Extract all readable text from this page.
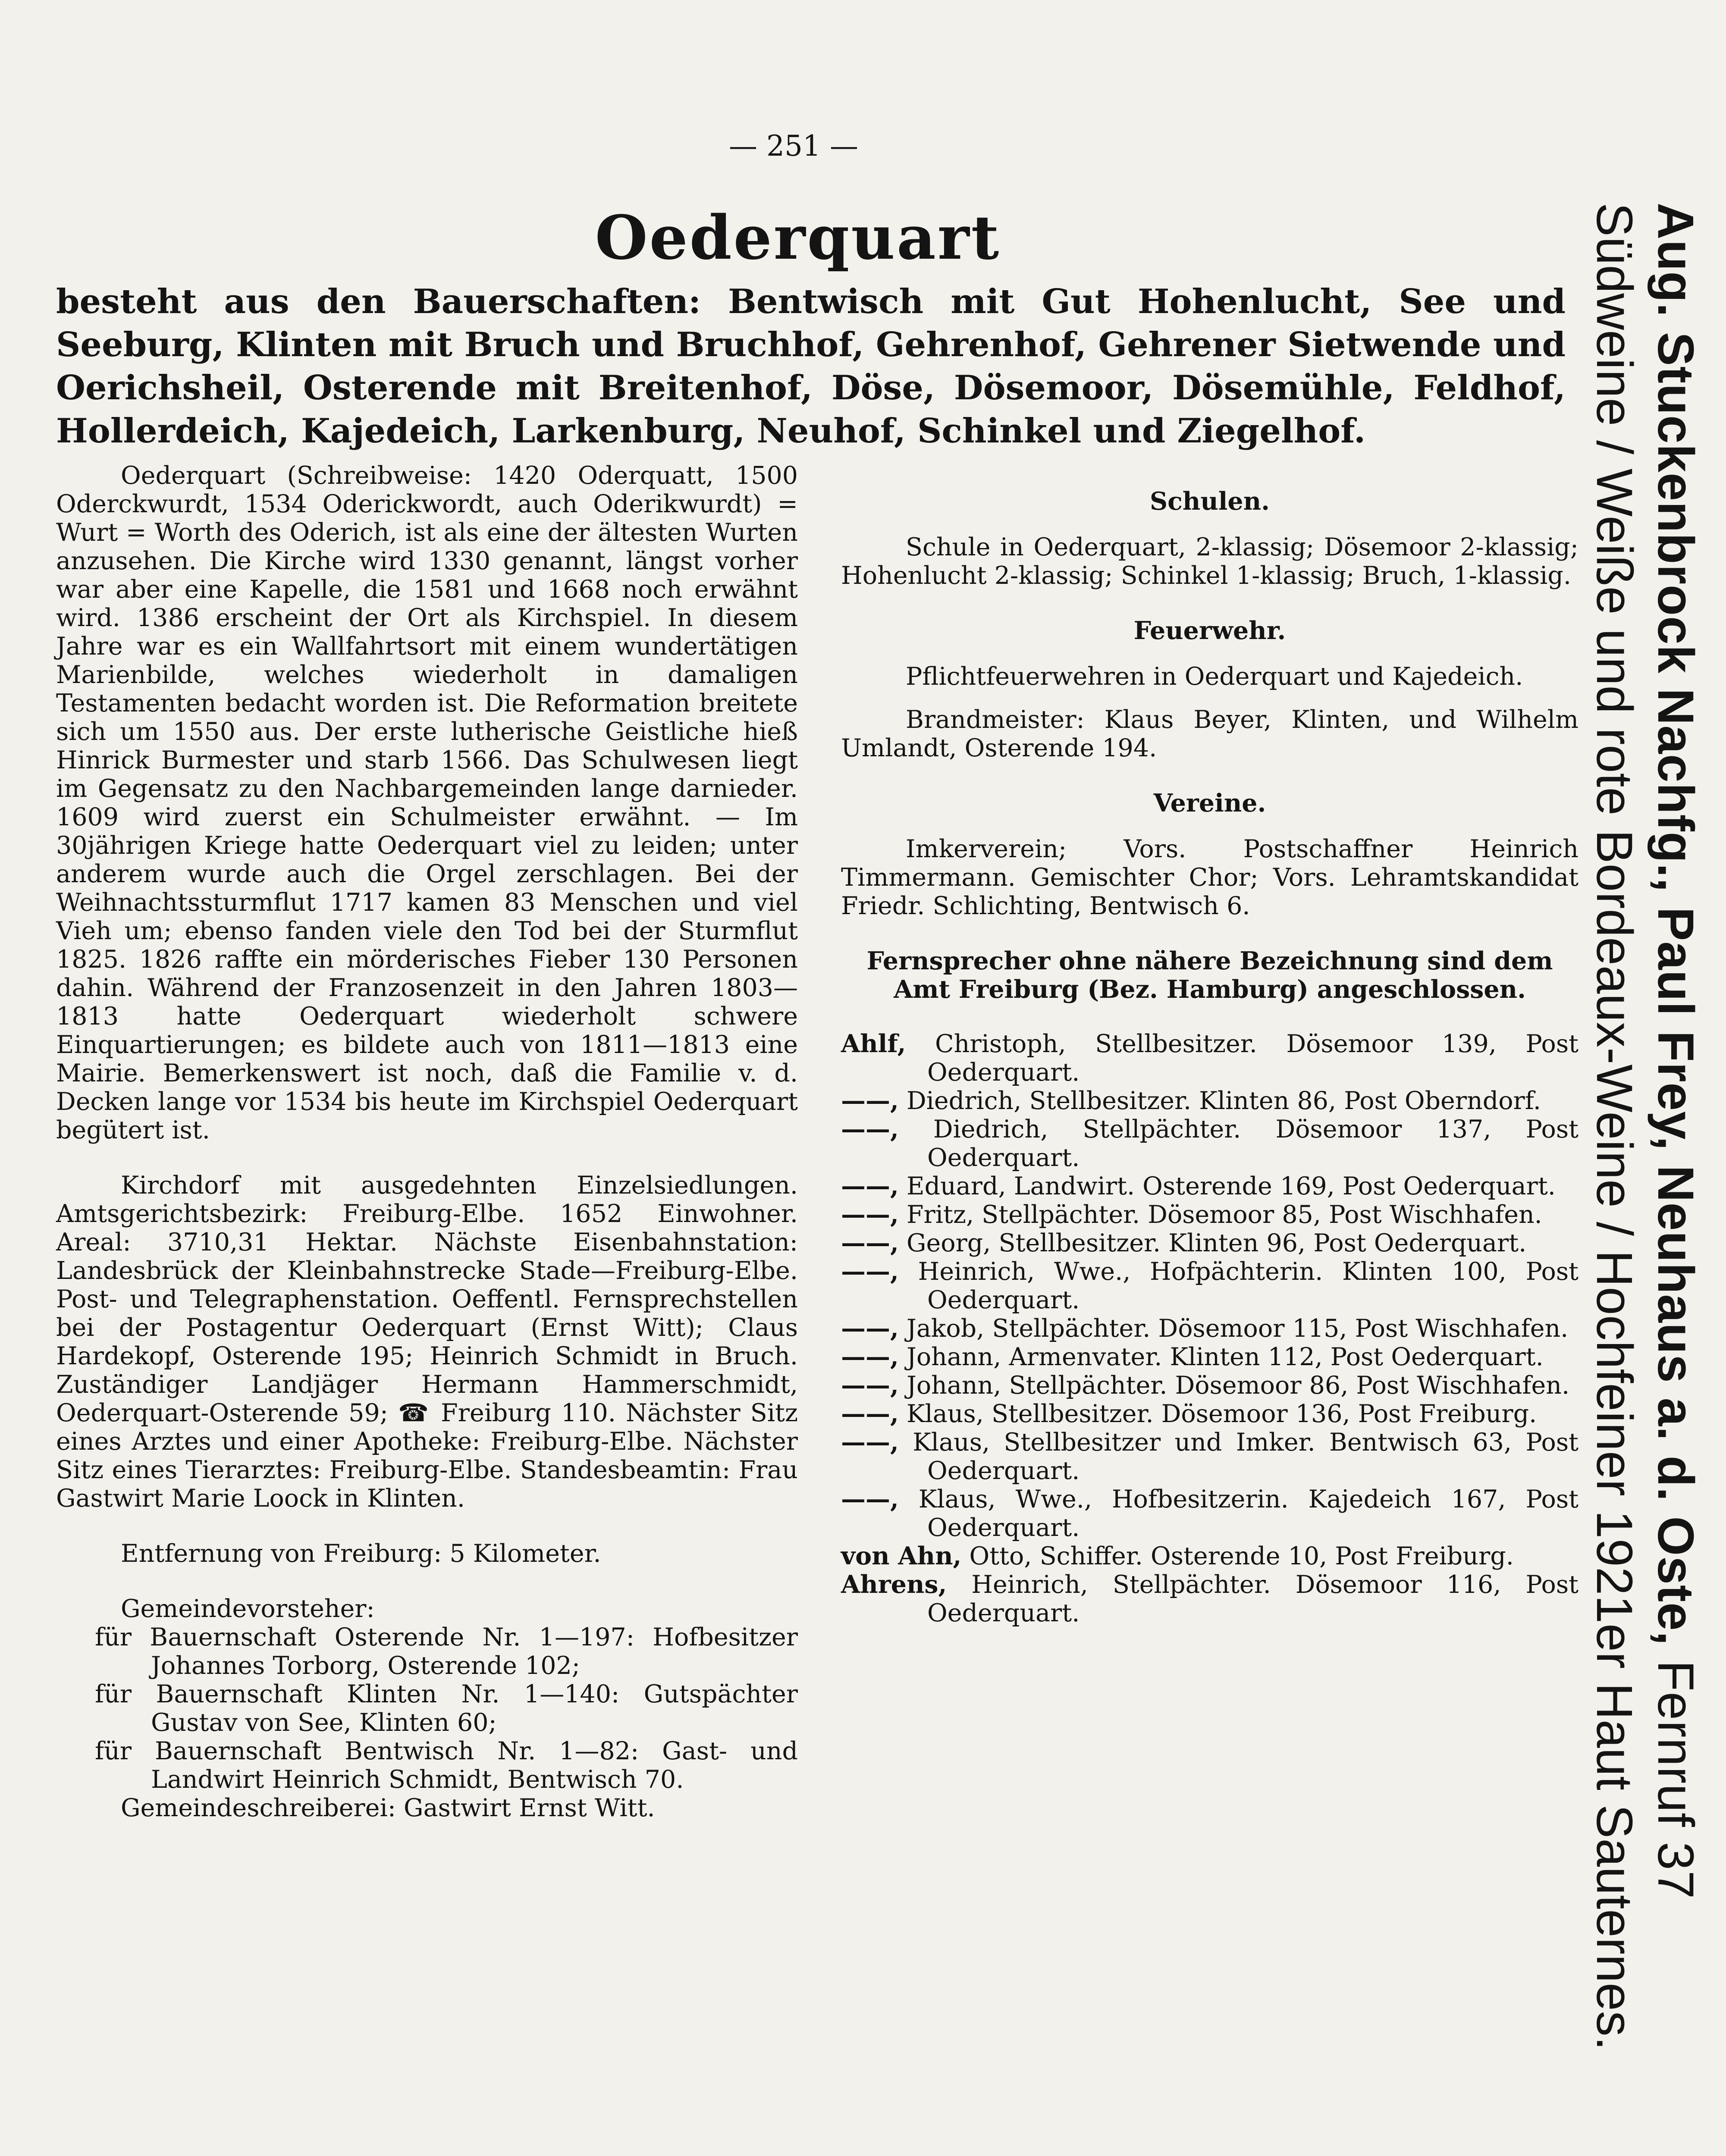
— 251 —
Oederquart

besteht aus den Bauerschaften: Bentwisch mit Gut Hohenlucht, See und Seeburg, Klinten mit Bruch und Bruchhof, Gehrenhof, Gehrener Sietwende und Oerichsheil, Osterende mit Breitenhof, Döse, Dösemoor, Dösemühle, Feldhof, Hollerdeich, Kajedeich, Larkenburg, Neuhof, Schinkel und Ziegelhof.

Oederquart (Schreibweise: 1420 Oderquatt, 1500 Oderckwurdt, 1534 Oderickwordt, auch Oderikwurdt) = Wurt = Worth des Oderich, ist als eine der ältesten Wurten anzusehen. Die Kirche wird 1330 genannt, längst vorher war aber eine Kapelle, die 1581 und 1668 noch erwähnt wird. 1386 erscheint der Ort als Kirchspiel. In diesem Jahre war es ein Wallfahrtsort mit einem wundertätigen Marienbilde, welches wiederholt in damaligen Testamenten bedacht worden ist. Die Reformation breitete sich um 1550 aus. Der erste lutherische Geistliche hieß Hinrick Burmester und starb 1566. Das Schulwesen liegt im Gegensatz zu den Nachbargemeinden lange darnieder. 1609 wird zuerst ein Schulmeister erwähnt. — Im 30jährigen Kriege hatte Oederquart viel zu leiden; unter anderem wurde auch die Orgel zerschlagen. Bei der Weihnachtssturmflut 1717 kamen 83 Menschen und viel Vieh um; ebenso fanden viele den Tod bei der Sturmflut 1825. 1826 raffte ein mörderisches Fieber 130 Personen dahin. Während der Franzosenzeit in den Jahren 1803—1813 hatte Oederquart wiederholt schwere Einquartierungen; es bildete auch von 1811—1813 eine Mairie. Bemerkenswert ist noch, daß die Familie v. d. Decken lange vor 1534 bis heute im Kirchspiel Oederquart begütert ist.

Kirchdorf mit ausgedehnten Einzelsiedlungen. Amtsgerichtsbezirk: Freiburg-Elbe. 1652 Einwohner. Areal: 3710,31 Hektar. Nächste Eisenbahnstation: Landesbrück der Kleinbahnstrecke Stade—Freiburg-Elbe. Post- und Telegraphenstation. Oeffentl. Fernsprechstellen bei der Postagentur Oederquart (Ernst Witt); Claus Hardekopf, Osterende 195; Heinrich Schmidt in Bruch. Zuständiger Landjäger Hermann Hammerschmidt, Oederquart-Osterende 59; ☎ Freiburg 110. Nächster Sitz eines Arztes und einer Apotheke: Freiburg-Elbe. Nächster Sitz eines Tierarztes: Freiburg-Elbe. Standesbeamtin: Frau Gastwirt Marie Loock in Klinten.

Entfernung von Freiburg: 5 Kilometer.

Gemeindevorsteher:

für Bauernschaft Osterende Nr. 1—197: Hofbesitzer Johannes Torborg, Osterende 102;

für Bauernschaft Klinten Nr. 1—140: Gutspächter Gustav von See, Klinten 60;

für Bauernschaft Bentwisch Nr. 1—82: Gast- und Landwirt Heinrich Schmidt, Bentwisch 70.

Gemeindeschreiberei: Gastwirt Ernst Witt.

Schulen.

Schule in Oederquart, 2-klassig; Dösemoor 2-klassig; Hohenlucht 2-klassig; Schinkel 1-klassig; Bruch, 1-klassig.

Feuerwehr.

Pflichtfeuerwehren in Oederquart und Kajedeich.

Brandmeister: Klaus Beyer, Klinten, und Wilhelm Umlandt, Osterende 194.

Vereine.

Imkerverein; Vors. Postschaffner Heinrich Timmermann. Gemischter Chor; Vors. Lehramtskandidat Friedr. Schlichting, Bentwisch 6.

Fernsprecher ohne nähere Bezeichnung sind dem Amt Freiburg (Bez. Hamburg) angeschlossen.

Ahlf, Christoph, Stellbesitzer. Dösemoor 139, Post Oederquart.

——, Diedrich, Stellbesitzer. Klinten 86, Post Oberndorf.

——, Diedrich, Stellpächter. Dösemoor 137, Post Oederquart.

——, Eduard, Landwirt. Osterende 169, Post Oederquart.

——, Fritz, Stellpächter. Dösemoor 85, Post Wischhafen.

——, Georg, Stellbesitzer. Klinten 96, Post Oederquart.

——, Heinrich, Wwe., Hofpächterin. Klinten 100, Post Oederquart.

——, Jakob, Stellpächter. Dösemoor 115, Post Wischhafen.

——, Johann, Armenvater. Klinten 112, Post Oederquart.

——, Johann, Stellpächter. Dösemoor 86, Post Wischhafen.

——, Klaus, Stellbesitzer. Dösemoor 136, Post Freiburg.

——, Klaus, Stellbesitzer und Imker. Bentwisch 63, Post Oederquart.

——, Klaus, Wwe., Hofbesitzerin. Kajedeich 167, Post Oederquart.

von Ahn, Otto, Schiffer. Osterende 10, Post Freiburg.

Ahrens, Heinrich, Stellpächter. Dösemoor 116, Post Oederquart.	Aug. Stuckenbrock Nachfg., Paul Frey, Neuhaus a. d. Oste, Fernruf 37
Südweine / Weiße und rote Bordeaux-Weine / Hochfeiner 1921er Haut Sauternes.
